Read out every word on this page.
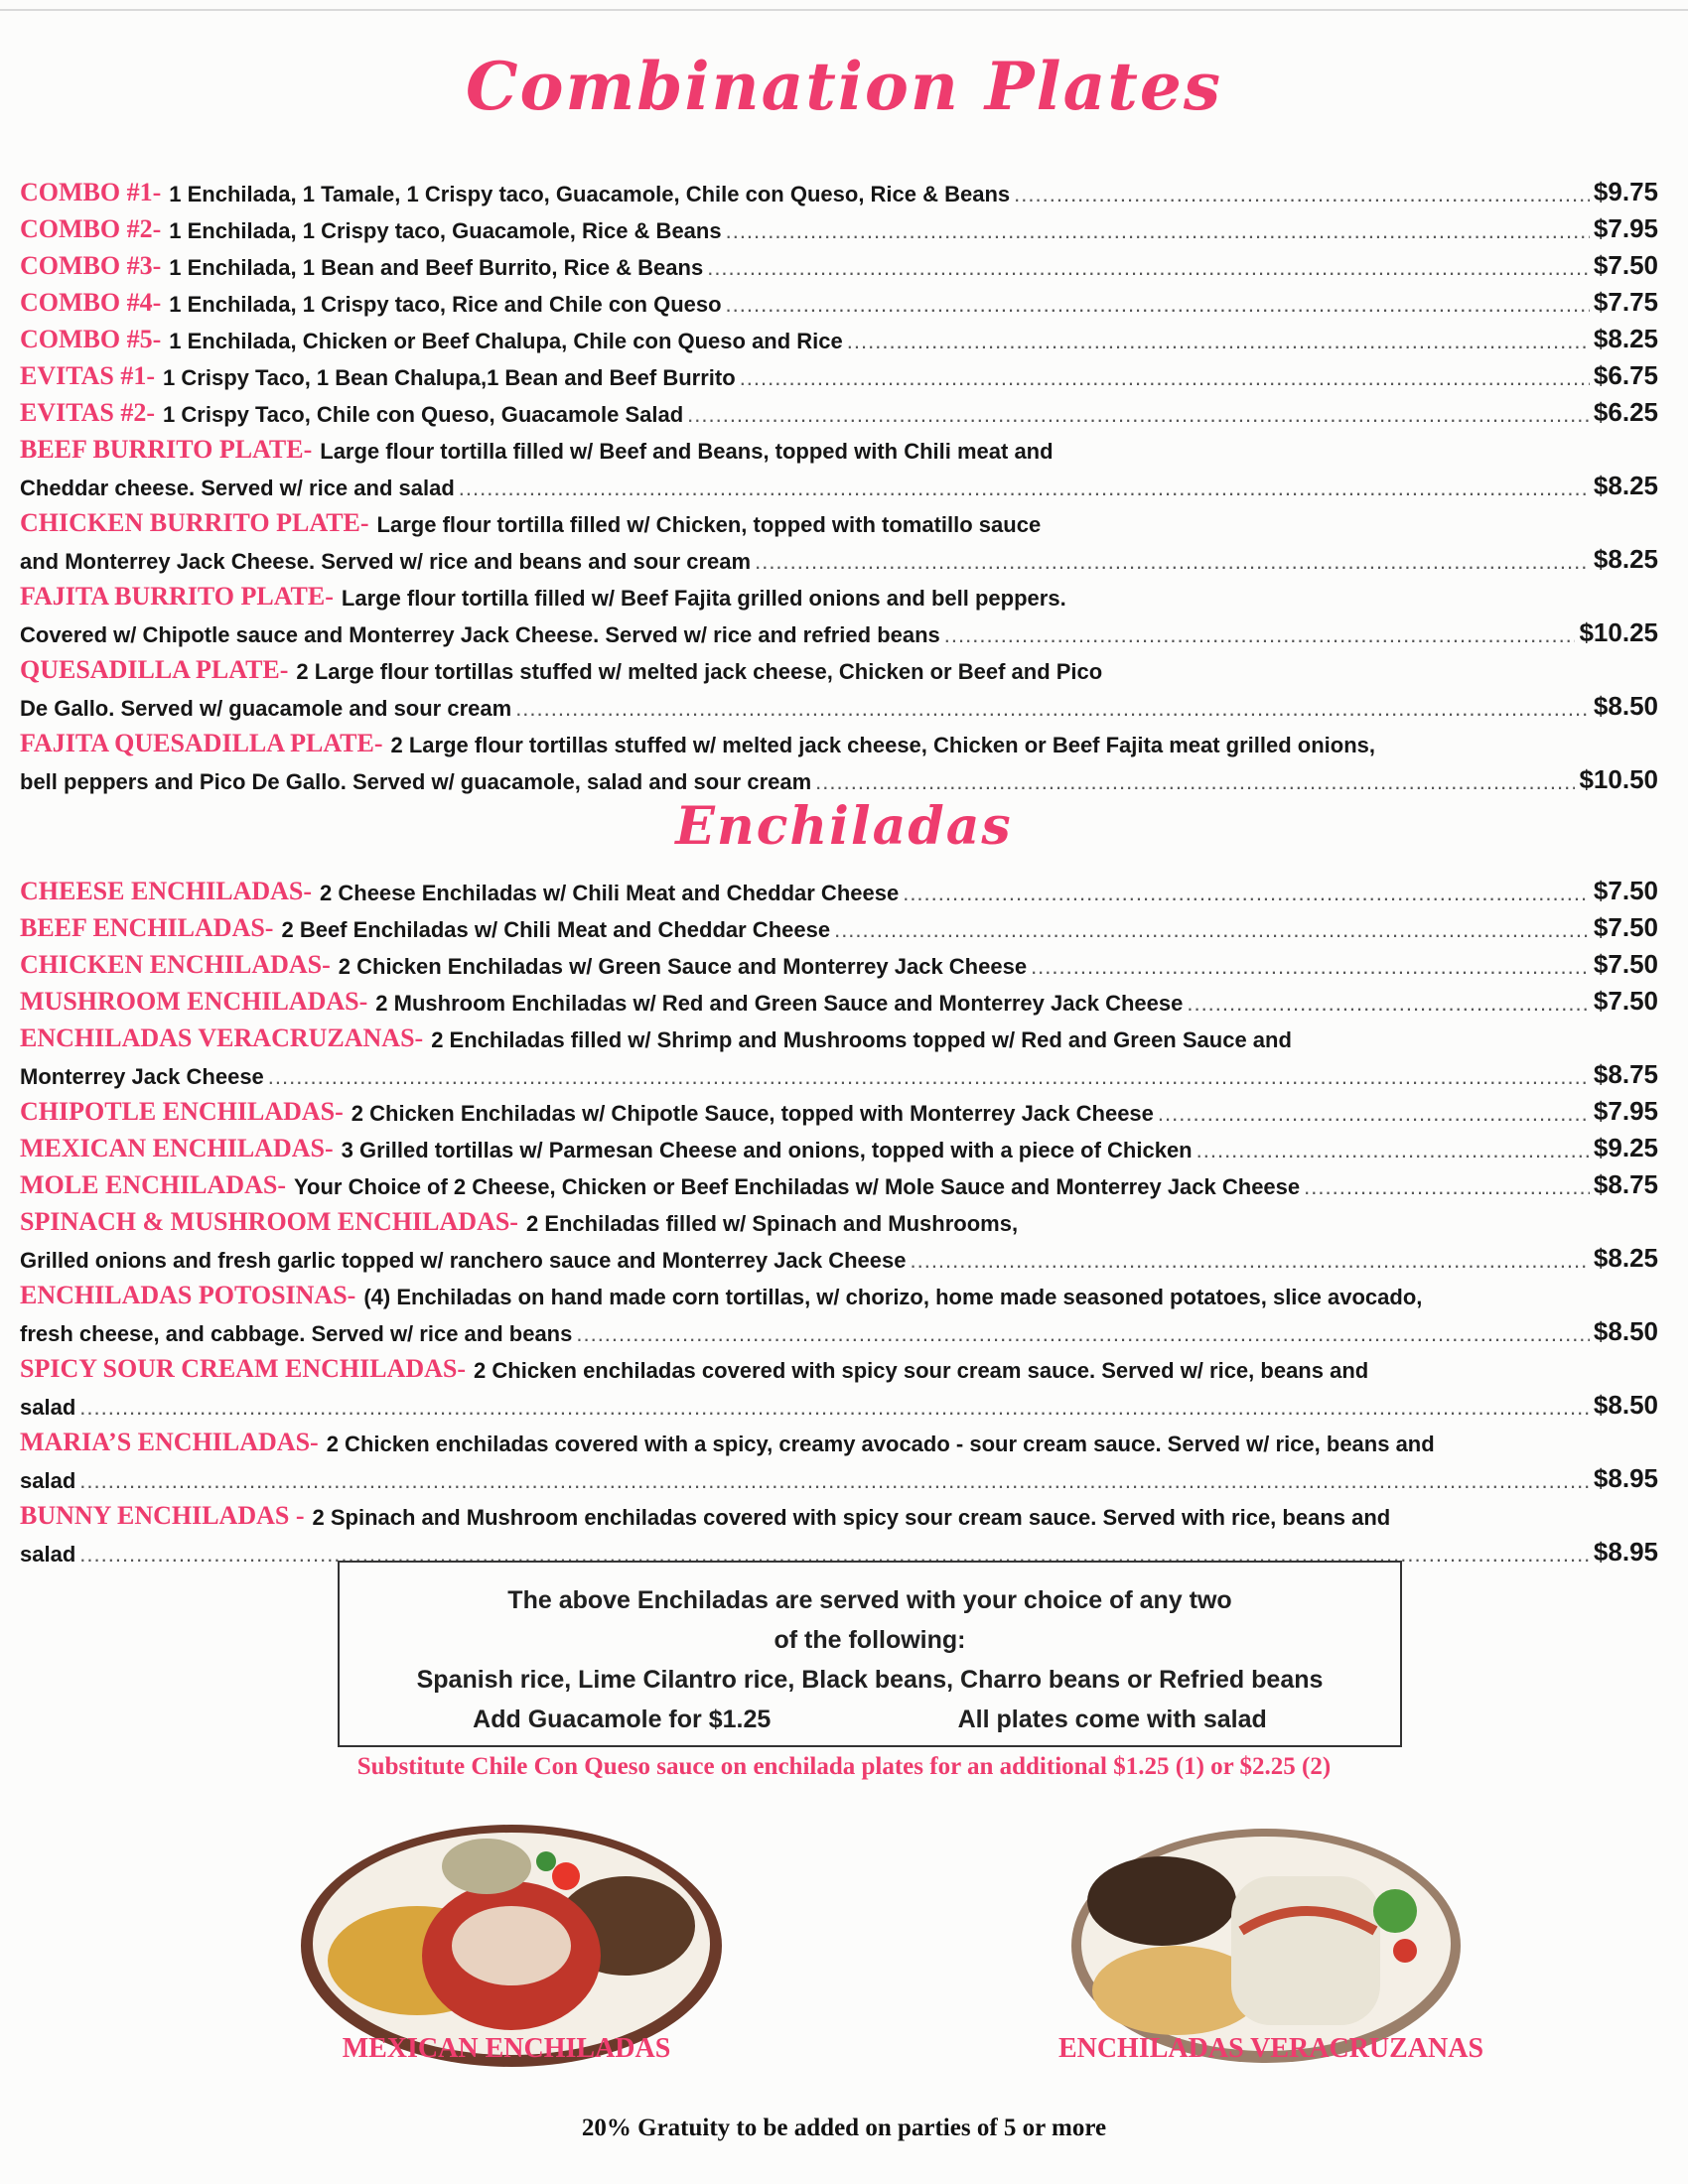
Combination Plates
COMBO #1- 1 Enchilada, 1 Tamale, 1 Crispy taco, Guacamole, Chile con Queso, Rice & Beans .....	$9.75
COMBO #2- 1 Enchilada, 1 Crispy taco, Guacamole, Rice & Beans .....	$7.95
COMBO #3- 1 Enchilada, 1 Bean and Beef Burrito, Rice & Beans .....	$7.50
COMBO #4- 1 Enchilada, 1 Crispy taco, Rice and Chile con Queso .....	$7.75
COMBO #5- 1 Enchilada, Chicken or Beef Chalupa, Chile con Queso and Rice .....	$8.25
EVITAS #1- 1 Crispy Taco, 1 Bean Chalupa,1 Bean and Beef Burrito .....	$6.75
EVITAS #2- 1 Crispy Taco, Chile con Queso, Guacamole Salad .....	$6.25
BEEF BURRITO PLATE- Large flour tortilla filled w/ Beef and Beans, topped with Chili meat and
Cheddar cheese. Served w/ rice and salad .....	$8.25
CHICKEN BURRITO PLATE- Large flour tortilla filled w/ Chicken, topped with tomatillo sauce
and Monterrey Jack Cheese. Served w/ rice and beans and sour cream .....	$8.25
FAJITA BURRITO PLATE- Large flour tortilla filled w/ Beef Fajita grilled onions and bell peppers.
Covered w/ Chipotle sauce and Monterrey Jack Cheese. Served w/ rice and refried beans .....	$10.25
QUESADILLA PLATE- 2 Large flour tortillas stuffed w/ melted jack cheese, Chicken or Beef and Pico
De Gallo. Served w/ guacamole and sour cream .....	$8.50
FAJITA QUESADILLA PLATE- 2 Large flour tortillas stuffed w/ melted jack cheese, Chicken or Beef Fajita meat grilled onions,
bell peppers and Pico De Gallo. Served w/ guacamole, salad and sour cream .....	$10.50
Enchiladas
CHEESE ENCHILADAS- 2 Cheese Enchiladas w/ Chili Meat and Cheddar Cheese .....	$7.50
BEEF ENCHILADAS- 2 Beef Enchiladas w/ Chili Meat and Cheddar Cheese .....	$7.50
CHICKEN ENCHILADAS- 2 Chicken Enchiladas w/ Green Sauce and Monterrey Jack Cheese .....	$7.50
MUSHROOM ENCHILADAS- 2 Mushroom Enchiladas w/ Red and Green Sauce and Monterrey Jack Cheese .....	$7.50
ENCHILADAS VERACRUZANAS- 2 Enchiladas filled w/ Shrimp and Mushrooms topped w/ Red and Green Sauce and
Monterrey Jack Cheese .....	$8.75
CHIPOTLE ENCHILADAS- 2 Chicken Enchiladas w/ Chipotle Sauce, topped with Monterrey Jack Cheese .....	$7.95
MEXICAN ENCHILADAS- 3 Grilled tortillas w/ Parmesan Cheese and onions, topped with a piece of Chicken .....	$9.25
MOLE ENCHILADAS- Your Choice of 2 Cheese, Chicken or Beef Enchiladas w/ Mole Sauce and Monterrey Jack Cheese .....	$8.75
SPINACH & MUSHROOM ENCHILADAS- 2 Enchiladas filled w/ Spinach and Mushrooms,
Grilled onions and fresh garlic topped w/ ranchero sauce and Monterrey Jack Cheese .....	$8.25
ENCHILADAS POTOSINAS- (4) Enchiladas on hand made corn tortillas, w/ chorizo, home made seasoned potatoes, slice avocado,
fresh cheese, and cabbage. Served w/ rice and beans .....	$8.50
SPICY SOUR CREAM ENCHILADAS- 2 Chicken enchiladas covered with spicy sour cream sauce. Served w/ rice, beans and
salad .....	$8.50
MARIA’S ENCHILADAS- 2 Chicken enchiladas covered with a spicy, creamy avocado - sour cream sauce. Served w/ rice, beans and
salad .....	$8.95
BUNNY ENCHILADAS - 2 Spinach and Mushroom enchiladas covered with spicy sour cream sauce. Served with rice, beans and
salad .....	$8.95
The above Enchiladas are served with your choice of any two
of the following:
Spanish rice, Lime Cilantro rice, Black beans, Charro beans or Refried beans
Add Guacamole for $1.25	All plates come with salad
Substitute Chile Con Queso sauce on enchilada plates for an additional $1.25 (1) or $2.25 (2)
MEXICAN ENCHILADAS	ENCHILADAS VERACRUZANAS
20% Gratuity to be added on parties of 5 or more
